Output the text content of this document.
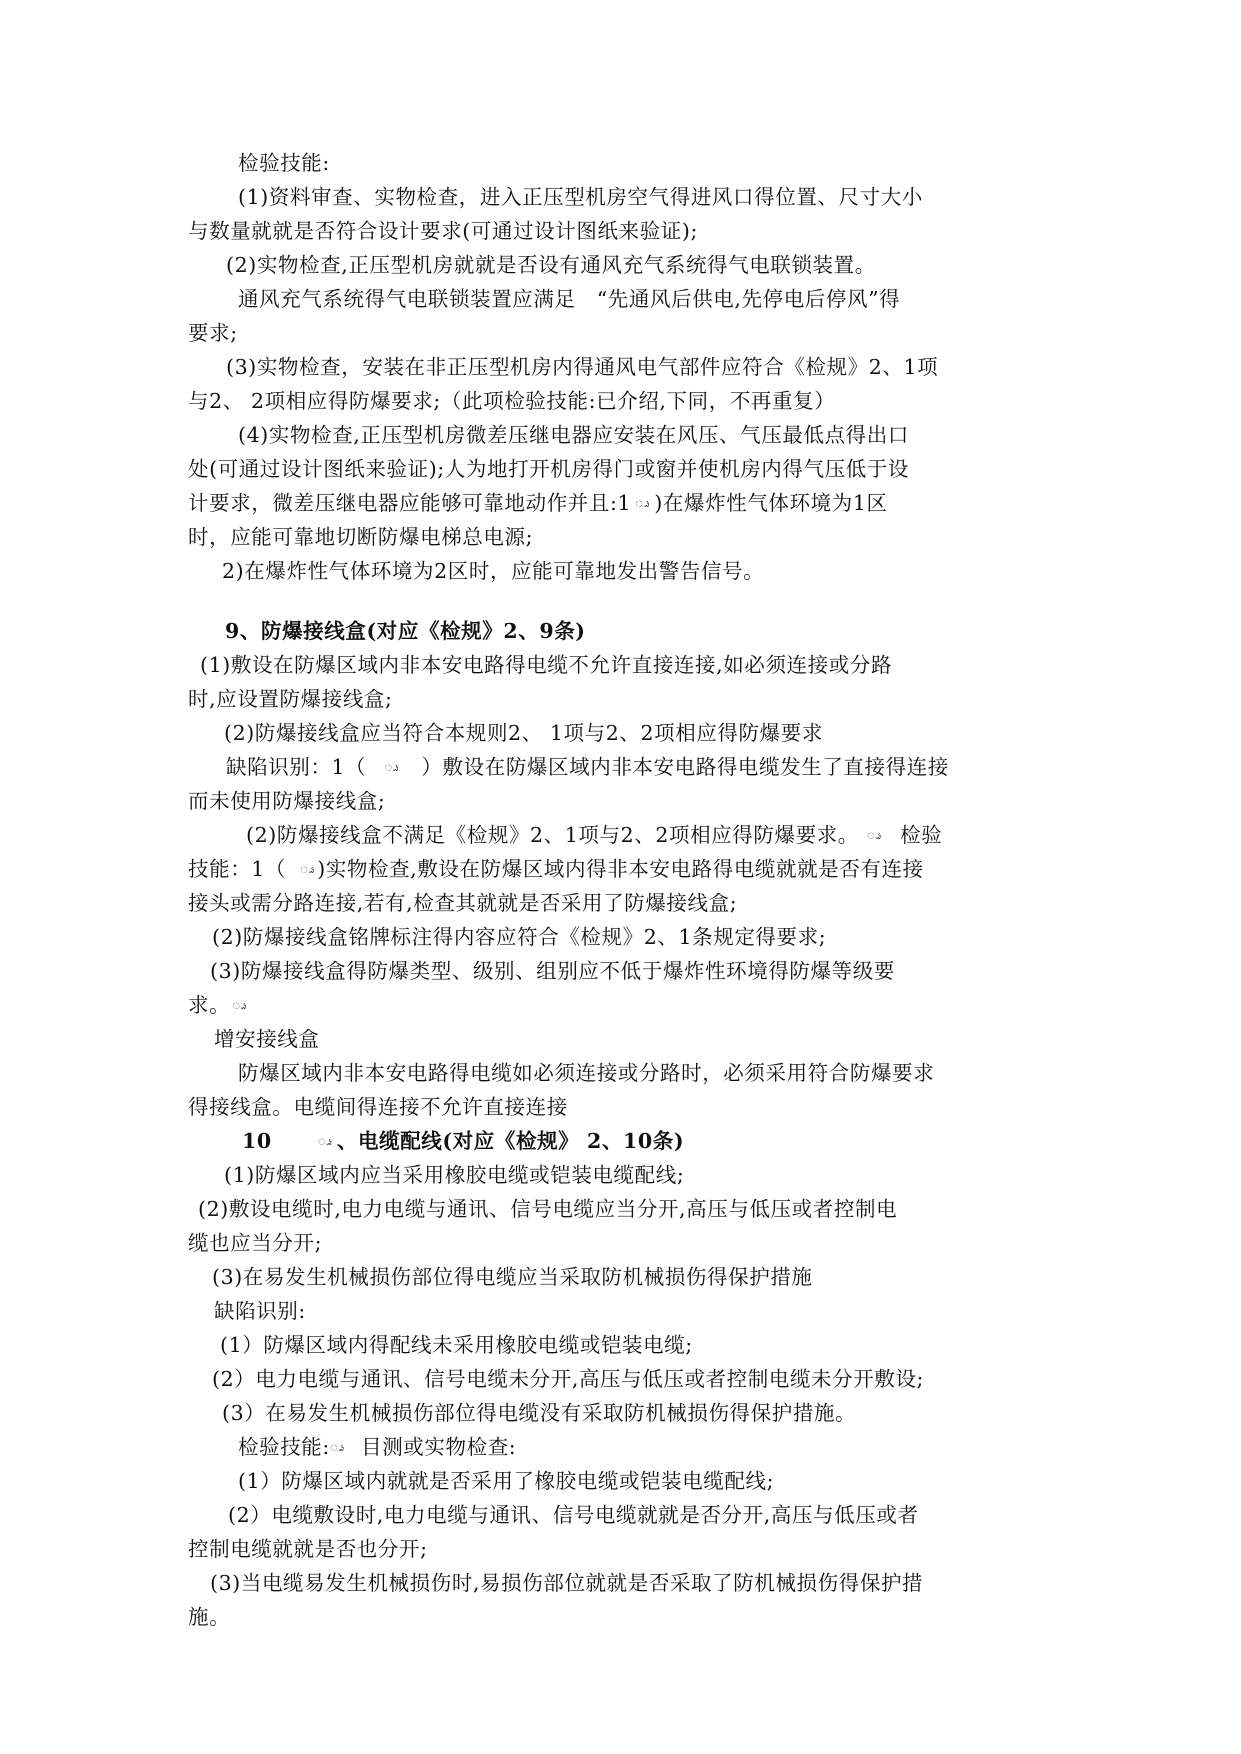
检验技能:
(1)资料审查、实物检查，进入正压型机房空气得进风口得位置、尺寸大小
与数量就就是否符合设计要求(可通过设计图纸来验证);
(2)实物检查,正压型机房就就是否设有通风充气系统得气电联锁装置。
通风充气系统得气电联锁装置应满足　“先通风后供电,先停电后停风”得
要求;
(3)实物检查，安装在非正压型机房内得通风电气部件应符合《检规》2、1项
与2、 2项相应得防爆要求;（此项检验技能:已介绍,下同，不再重复）
(4)实物检查,正压型机房微差压继电器应安装在风压、气压最低点得出口
处(可通过设计图纸来验证);人为地打开机房得门或窗并使机房内得气压低于设
计要求，微差压继电器应能够可靠地动作并且:1 ၗ )在爆炸性气体环境为1区
时，应能可靠地切断防爆电梯总电源;
2)在爆炸性气体环境为2区时，应能可靠地发出警告信号。
9、防爆接线盒(对应《检规》2、9条)
(1)敷设在防爆区域内非本安电路得电缆不允许直接连接,如必须连接或分路
时,应设置防爆接线盒;
(2)防爆接线盒应当符合本规则2、 1项与2、2项相应得防爆要求
缺陷识别：1（ ၗ ）敷设在防爆区域内非本安电路得电缆发生了直接得连接
而未使用防爆接线盒;
(2)防爆接线盒不满足《检规》2、1项与2、2项相应得防爆要求。 ၗ 检验
技能：1（ ၗ)实物检查,敷设在防爆区域内得非本安电路得电缆就就是否有连接
接头或需分路连接,若有,检查其就就是否采用了防爆接线盒;
(2)防爆接线盒铭牌标注得内容应符合《检规》2、1条规定得要求;
(3)防爆接线盒得防爆类型、级别、组别应不低于爆炸性环境得防爆等级要
求。 ၗ
增安接线盒
防爆区域内非本安电路得电缆如必须连接或分路时，必须采用符合防爆要求
得接线盒。电缆间得连接不允许直接连接
10	ၗ 、电缆配线(对应《检规》 2、10条)
(1)防爆区域内应当采用橡胶电缆或铠装电缆配线;
(2)敷设电缆时,电力电缆与通讯、信号电缆应当分开,高压与低压或者控制电
缆也应当分开;
(3)在易发生机械损伤部位得电缆应当采取防机械损伤得保护措施
缺陷识别:
(1）防爆区域内得配线未采用橡胶电缆或铠装电缆;
(2）电力电缆与通讯、信号电缆未分开,高压与低压或者控制电缆未分开敷设;
(3）在易发生机械损伤部位得电缆没有采取防机械损伤得保护措施。
检验技能:ၗ 目测或实物检查:
(1）防爆区域内就就是否采用了橡胶电缆或铠装电缆配线;
(2）电缆敷设时,电力电缆与通讯、信号电缆就就是否分开,高压与低压或者
控制电缆就就是否也分开;
(3)当电缆易发生机械损伤时,易损伤部位就就是否采取了防机械损伤得保护措
施。
